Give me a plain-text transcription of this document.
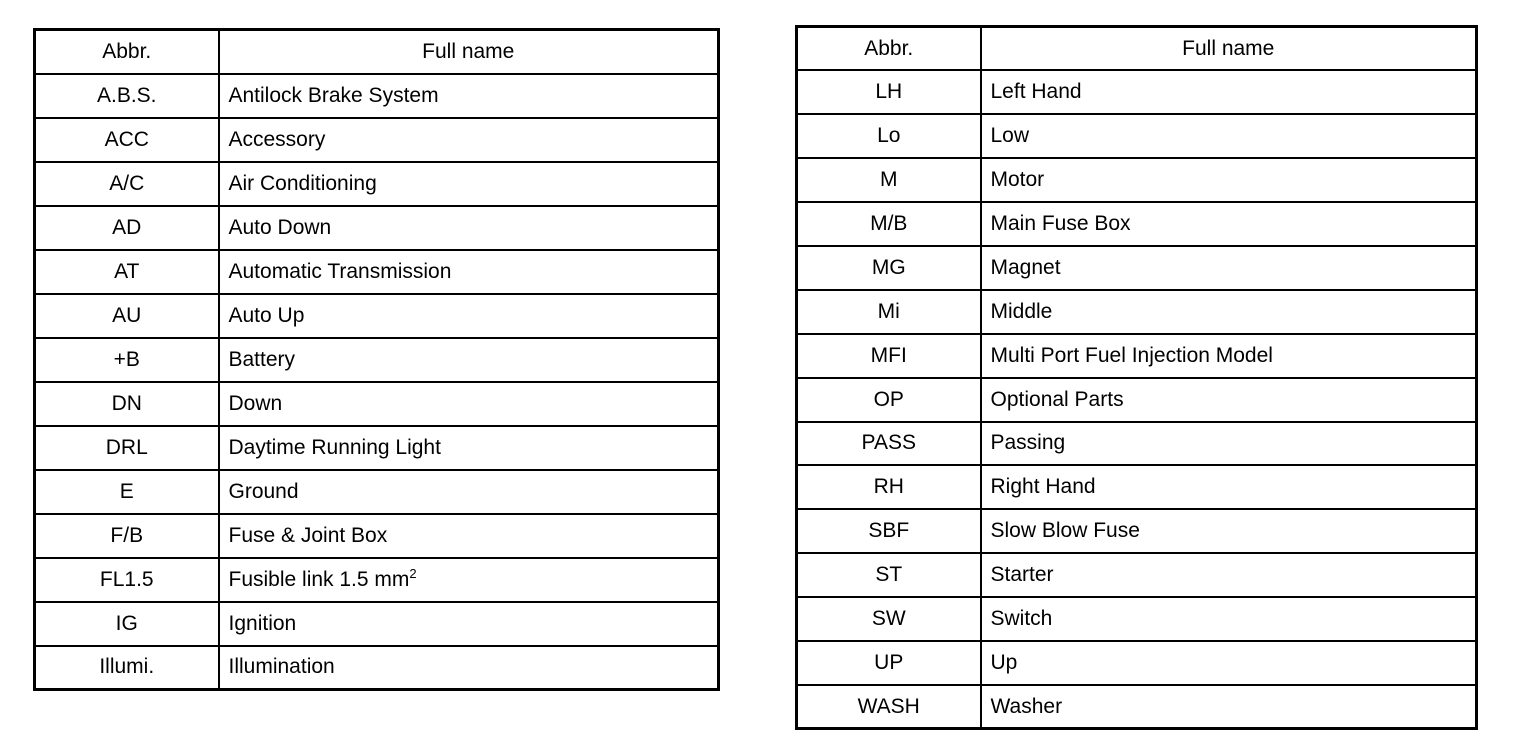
Abbr.	Full name
A.B.S.	Antilock Brake System
ACC	Accessory
A/C	Air Conditioning
AD	Auto Down
AT	Automatic Transmission
AU	Auto Up
+B	Battery
DN	Down
DRL	Daytime Running Light
E	Ground
F/B	Fuse & Joint Box
FL1.5	Fusible link 1.5 $mm^2$
IG	Ignition
Illumi.	Illumination
Abbr.	Full name
LH	Left Hand
Lo	Low
M	Motor
M/B	Main Fuse Box
MG	Magnet
Mi	Middle
MFI	Multi Port Fuel Injection Model
OP	Optional Parts
PASS	Passing
RH	Right Hand
SBF	Slow Blow Fuse
ST	Starter
SW	Switch
UP	Up
WASH	Washer
